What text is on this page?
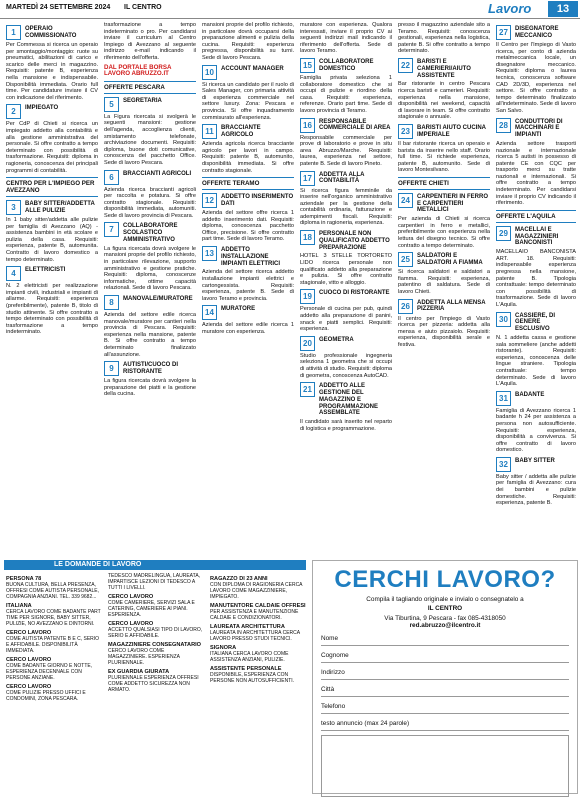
MARTEDÌ 24 SETTEMBRE 2024 IL CENTRO	Lavoro	13
1	OPERAIO COMMISSIONATO

Per Commessa si ricerca un operaio per smontaggio/montaggio: ruote su pneumatici, abilitazioni di carico e scarico delle merci in magazzino. Requisiti: patente B, esperienza nella mansione e indispensabile. Disponibilità immediata. Orario full time. Per candidature inviare il CV con indicazione del riferimento.

2	IMPIEGATO

Per CdP di Chieti si ricerca un impiegato addetto alla contabilità e alla gestione amministrativa del personale. Si offre contratto a tempo determinato con possibilità di trasformazione. Requisiti: diploma in ragioneria, conoscenza dei principali programmi di contabilità.

CENTRO PER L'IMPIEGO PER AVEZZANO
3	BABY SITTER/ADDETTA ALLE PULIZIE

In 1 baby sitter/addetta alle pulizie per famiglia di Avezzano (AQ) - assistenza bambini in età scolare e pulizia della casa. Requisiti: esperienza, patente B, automunita. Contratto di lavoro domestico a tempo determinato.

4	ELETTRICISTI

N. 2 elettricisti per realizzazione impianti civili, industriali e impianti di allarme. Requisiti: esperienza (preferibilmente), patente B, titolo di studio attinente. Si offre contratto a tempo determinato con possibilità di trasformazione a tempo indeterminato.

trasformazione a tempo indeterminato o pro. Per candidarsi inviare il curriculum al Centro Impiego di Avezzano al seguente indirizzo e-mail indicando il riferimento dell'offerta.

DAL PORTALE BORSA LAVORO ABRUZZO.IT
OFFERTE PESCARA
5	SEGRETARIA

La Figura ricercata si svolgerà le seguenti mansioni: gestione dell'agenda, accoglienza clienti, smistamento telefonate, archiviazione documenti. Requisiti: diploma, buone doti comunicative, conoscenza del pacchetto Office. Sede di lavoro Pescara.

6	BRACCIANTI AGRICOLI

Azienda ricerca braccianti agricoli per raccolta e potatura. Si offre contratto stagionale. Requisiti: disponibilità immediata, automuniti. Sede di lavoro provincia di Pescara.

7	COLLABORATORE SCOLASTICO AMMINISTRATIVO

La figura ricercata dovrà svolgere le mansioni proprie del profilo richiesto, in particolare rilevazione, supporto amministrativo e gestione pratiche. Requisiti: diploma, conoscenze informatiche, ottime capacità relazionali. Sede di lavoro Pescara.

8	MANOVALE/MURATORE

Azienda del settore edile ricerca manovale/muratore per cantieri nella provincia di Pescara. Requisiti: esperienza nella mansione, patente B. Si offre contratto a tempo determinato finalizzato all'assunzione.

9	AUTISTI/CUOCO DI RISTORANTE

La figura ricercata dovrà svolgere la preparazione dei piatti e la gestione della cucina.

mansioni proprie del profilo richiesto, in particolare dovrà occuparsi della preparazione alimenti e pulizia della cucina. Requisiti: esperienza pregressa, disponibilità su turni. Sede di lavoro Pescara.

10	ACCOUNT MANAGER

Si ricerca un candidato per il ruolo di Sales Manager, con primaria attività di esperienza commerciale nel settore luxury. Zona: Pescara e provincia. Si offre inquadramento commisurato all'esperienza.

11	BRACCIANTE AGRICOLO

Azienda agricola ricerca bracciante agricolo per lavori in campo. Requisiti: patente B, automunito, disponibilità immediata. Si offre contratto stagionale.

OFFERTE TERAMO
12	ADDETTO INSERIMENTO DATI

Azienda del settore offre ricerca 1 addetto inserimento dati. Requisiti: diploma, conoscenza pacchetto Office, precisione. Si offre contratto part time. Sede di lavoro Teramo.

13	ADDETTO INSTALLAZIONE IMPIANTI ELETTRICI

Azienda del settore ricerca addetto installazione impianti elettrici e cartongessista. Requisiti: esperienza, patente B. Sede di lavoro Teramo e provincia.

14	MURATORE

Azienda del settore edile ricerca 1 muratore con esperienza.

muratore con esperienza. Qualora interessati, inviare il proprio CV ai seguenti indirizzi mail indicando il riferimento dell'offerta. Sede di lavoro Teramo.

15	COLLABORATORE DOMESTICO

Famiglia privata seleziona 1 collaboratore domestico che si occupi di pulizie e riordino della casa. Requisiti: esperienza, referenze. Orario part time. Sede di lavoro provincia di Teramo.

16	RESPONSABILE COMMERCIALE DI AREA

Responsabile commerciale per prove di laboratorio e prove in situ area Abruzzo/Marche. Requisiti: laurea, esperienza nel settore, patente B. Sede di lavoro Pineto.

17	ADDETTA ALLA CONTABILITÀ

Si ricerca figura femminile da inserire nell'organico amministrativo aziendale per la gestione della contabilità ordinaria, fatturazione e adempimenti fiscali. Requisiti: diploma in ragioneria, esperienza.

18	PERSONALE NON QUALIFICATO ADDETTO PREPARAZIONE

HOTEL 3 STELLE TORTORETO LIDO ricerca personale non qualificato addetto alla preparazione e pulizia. Si offre contratto stagionale, vitto e alloggio.

19	CUOCO DI RISTORANTE

Personale di cucina per pub, quindi addetto alla preparazione di panini, snack e piatti semplici. Requisiti: esperienza.

20	GEOMETRA

Studio professionale ingegneria seleziona 1 geometra che si occupi di attività di studio. Requisiti: diploma di geometra, conoscenza AutoCAD.

21	ADDETTO ALLE GESTIONE DEL MAGAZZINO E PROGRAMMAZIONE ASSEMBLATE

Il candidato sarà inserito nel reparto di logistica e programmazione.

presso il magazzino aziendale sito a Teramo. Requisiti: conoscenza gestionali, esperienza nella logistica, patente B. Si offre contratto a tempo determinato.

22	BARISTI E CAMERIERI/AIUTO ASSISTENTE

Bar ristorante in centro Pescara ricerca baristi e camerieri. Requisiti: esperienza nella mansione, disponibilità nei weekend, capacità di lavorare in team. Si offre contratto stagionale o annuale.

23	BARISTI AIUTO CUCINA IMPERIALE

Il bar ristorante ricerca un operaio e barista da inserire nello staff. Orario full time. Si richiede esperienza, patente B, automunito. Sede di lavoro Montesilvano.

OFFERTE CHIETI
24	CARPENTIERI IN FERRO E CARPENTIERI METALLICI

Per azienda di Chieti si ricerca carpentieri in ferro e metallici, preferibilmente con esperienza nella lettura del disegno tecnico. Si offre contratto a tempo determinato.

25	SALDATORI E SALDATORI A FIAMMA

Si ricerca saldatori e saldatori a fiamma. Requisiti: esperienza, patentino di saldatura. Sede di lavoro Chieti.

26	ADDETTA ALLA MENSA PIZZERIA

Il centro per l'impiego di Vasto ricerca per pizzeria: addetta alla mensa e aiuto pizzaiolo. Requisiti: esperienza, disponibilità serale e festiva.

27	DISEGNATORE MECCANICO

Il Centro per l'Impiego di Vasto ricerca, per conto di azienda metalmeccanica locale, un disegnatore meccanico. Requisiti: diploma o laurea tecnica, conoscenza software CAD 2D/3D, esperienza nel settore. Si offre contratto a tempo determinato finalizzato all'indeterminato. Sede di lavoro San Salvo.

28	CONDUTTORI DI MACCHINARI E IMPIANTI

Azienda settore trasporti nazionale e internazionale ricerca 5 autisti in possesso di patente CE con CQC per trasporto merci su tratte nazionali e internazionali. Si offre contratto a tempo indeterminato. Per candidarsi inviare il proprio CV indicando il riferimento.

OFFERTE L'AQUILA
29	MACELLAI E MAGAZZINIERI BANCONISTI

MACELLAIO BANCONISTA ART. 18. Requisiti: indispensabile esperienza pregressa nella mansione, patente B. Tipologia contrattuale: tempo determinato con possibilità di trasformazione. Sede di lavoro L'Aquila.

30	CASSIERE, DI GENERE ESCLUSIVO

N. 1 addetta cassa e gestione sala sommeliere (anche addetti ristorante). Requisiti: esperienza, conoscenza delle lingue straniere. Tipologia contrattuale: tempo determinato. Sede di lavoro L'Aquila.

31	BADANTE

Famiglia di Avezzano ricerca 1 badante h 24 per assistenza a persona non autosufficiente. Requisiti: esperienza, disponibilità a convivenza. Si offre contratto di lavoro domestico.

32	BABY SITTER

Baby sitter / addetta alle pulizie per famiglia di Avezzano: cura dei bambini e pulizie domestiche. Requisiti: esperienza, patente B.

LE DOMANDE DI LAVORO
PERSONA 78
BUONA CULTURA, BELLA PRESENZA, OFFRESI COME AUTISTA PERSONALE, COMPAGNIA ANZIANI. TEL. 339 9682...
ITALIANA
CERCA LAVORO COME BADANTE PART TIME PER SIGNORE, BABY SITTER, PULIZIE, NO AVEZZANO E DINTORNI.
CERCO LAVORO
COME AUTISTA PATENTE B E C, SERIO E AFFIDABILE. DISPONIBILITÀ IMMEDIATA.
CERCO LAVORO
COME BADANTE GIORNO E NOTTE, ESPERIENZA DECENNALE CON PERSONE ANZIANE.
CERCO LAVORO
COME PULIZIE PRESSO UFFICI E CONDOMINI, ZONA PESCARA.
TEDESCO MADRELINGUA, LAUREATA, IMPARTISCE LEZIONI DI TEDESCO A TUTTI I LIVELLI.
CERCO LAVORO
COME CAMERIERE, SERVIZI SALA E CATERING, CAMERIERE AI PIANI. ESPERIENZA.
CERCO LAVORO
ACCETTO QUALSIASI TIPO DI LAVORO, SERIO E AFFIDABILE.
MAGAZZINIERE CONSEGNATARIO
CERCO LAVORO COME MAGAZZINIERE. ESPERIENZA PLURIENNALE.
EX GUARDIA GIURATA
PLURIENNALE ESPERIENZA OFFRESI COME ADDETTO SICUREZZA NON ARMATO.
RAGAZZO DI 23 ANNI
CON DIPLOMA DI RAGIONERIA CERCA LAVORO COME MAGAZZINIERE, IMPIEGATO.
MANUTENTORE CALDAIE OFFRESI
PER ASSISTENZA E MANUTENZIONE CALDAIE E CONDIZIONATORI.
LAUREATA ARCHITETTURA
LAUREATA IN ARCHITETTURA CERCA LAVORO PRESSO STUDI TECNICI.
SIGNORA
ITALIANA CERCA LAVORO COME ASSISTENZA ANZIANI, PULIZIE.
ASSISTENTE PERSONALE
DISPONIBILE, ESPERIENZA CON PERSONE NON AUTOSUFFICIENTI.
CERCHI LAVORO?
Compila il tagliando originale e invialo o consegnatelo a
IL CENTRO
Via Tiburtina, 9 Pescara - fax 085-4318050
red.abruzzo@ilcentro.it
Nome
Cognome
Indirizzo
Città
Telefono
testo annuncio (max 24 parole)
